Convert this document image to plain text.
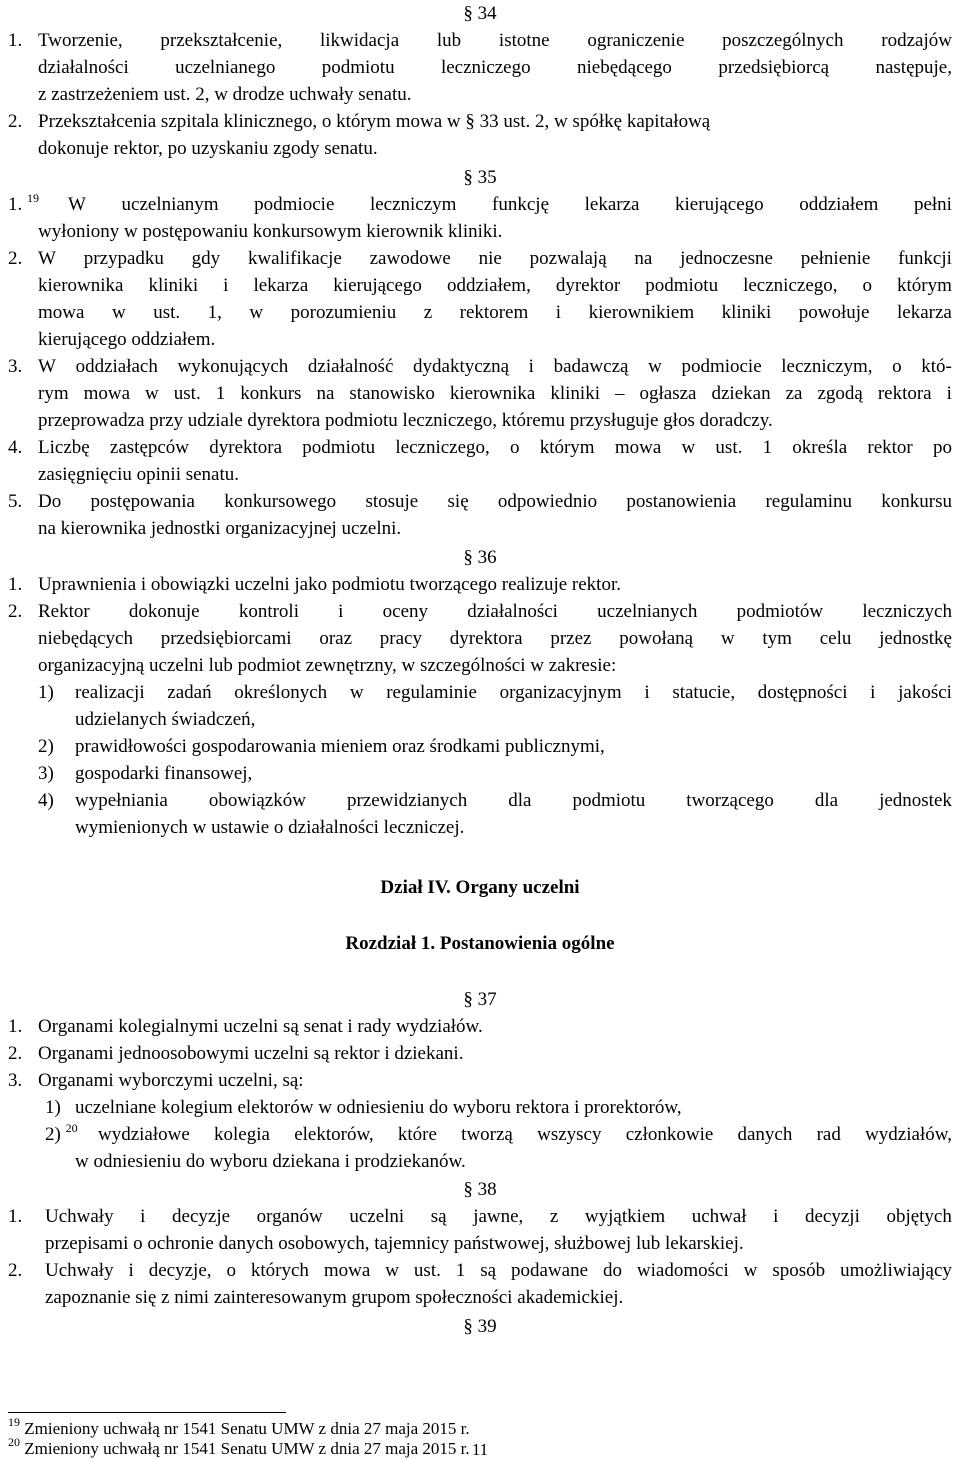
§ 34
1. Tworzenie, przekształcenie, likwidacja lub istotne ograniczenie poszczególnych rodzajów
działalności uczelnianego podmiotu leczniczego niebędącego przedsiębiorcą następuje,
z zastrzeżeniem ust. 2, w drodze uchwały senatu.
2. Przekształcenia szpitala klinicznego, o którym mowa w § 33 ust. 2, w spółkę kapitałową
dokonuje rektor, po uzyskaniu zgody senatu.
§ 35
1. $^{19}$ W uczelnianym podmiocie leczniczym funkcję lekarza kierującego oddziałem pełni
wyłoniony w postępowaniu konkursowym kierownik kliniki.
2. W przypadku gdy kwalifikacje zawodowe nie pozwalają na jednoczesne pełnienie funkcji
kierownika kliniki i lekarza kierującego oddziałem, dyrektor podmiotu leczniczego, o którym
mowa w ust. 1, w porozumieniu z rektorem i kierownikiem kliniki powołuje lekarza
kierującego oddziałem.
3. W oddziałach wykonujących działalność dydaktyczną i badawczą w podmiocie leczniczym, o któ-
rym mowa w ust. 1 konkurs na stanowisko kierownika kliniki – ogłasza dziekan za zgodą rektora i
przeprowadza przy udziale dyrektora podmiotu leczniczego, któremu przysługuje głos doradczy.
4. Liczbę zastępców dyrektora podmiotu leczniczego, o którym mowa w ust. 1 określa rektor po
zasięgnięciu opinii senatu.
5. Do postępowania konkursowego stosuje się odpowiednio postanowienia regulaminu konkursu
na kierownika jednostki organizacyjnej uczelni.
§ 36
1. Uprawnienia i obowiązki uczelni jako podmiotu tworzącego realizuje rektor.
2. Rektor dokonuje kontroli i oceny działalności uczelnianych podmiotów leczniczych
niebędących przedsiębiorcami oraz pracy dyrektora przez powołaną w tym celu jednostkę
organizacyjną uczelni lub podmiot zewnętrzny, w szczególności w zakresie:
1) realizacji zadań określonych w regulaminie organizacyjnym i statucie, dostępności i jakości
udzielanych świadczeń,
2) prawidłowości gospodarowania mieniem oraz środkami publicznymi,
3) gospodarki finansowej,
4) wypełniania obowiązków przewidzianych dla podmiotu tworzącego dla jednostek
wymienionych w ustawie o działalności leczniczej.
Dział IV. Organy uczelni
Rozdział 1. Postanowienia ogólne
§ 37
1. Organami kolegialnymi uczelni są senat i rady wydziałów.
2. Organami jednoosobowymi uczelni są rektor i dziekani.
3. Organami wyborczymi uczelni, są:
1) uczelniane kolegium elektorów w odniesieniu do wyboru rektora i prorektorów,
2) $^{20}$ wydziałowe kolegia elektorów, które tworzą wszyscy członkowie danych rad wydziałów,
w odniesieniu do wyboru dziekana i prodziekanów.
§ 38
1. Uchwały i decyzje organów uczelni są jawne, z wyjątkiem uchwał i decyzji objętych
przepisami o ochronie danych osobowych, tajemnicy państwowej, służbowej lub lekarskiej.
2. Uchwały i decyzje, o których mowa w ust. 1 są podawane do wiadomości w sposób umożliwiający
zapoznanie się z nimi zainteresowanym grupom społeczności akademickiej.
§ 39
$^{19}$ Zmieniony uchwałą nr 1541 Senatu UMW z dnia 27 maja 2015 r.
$^{20}$ Zmieniony uchwałą nr 1541 Senatu UMW z dnia 27 maja 2015 r. 11
